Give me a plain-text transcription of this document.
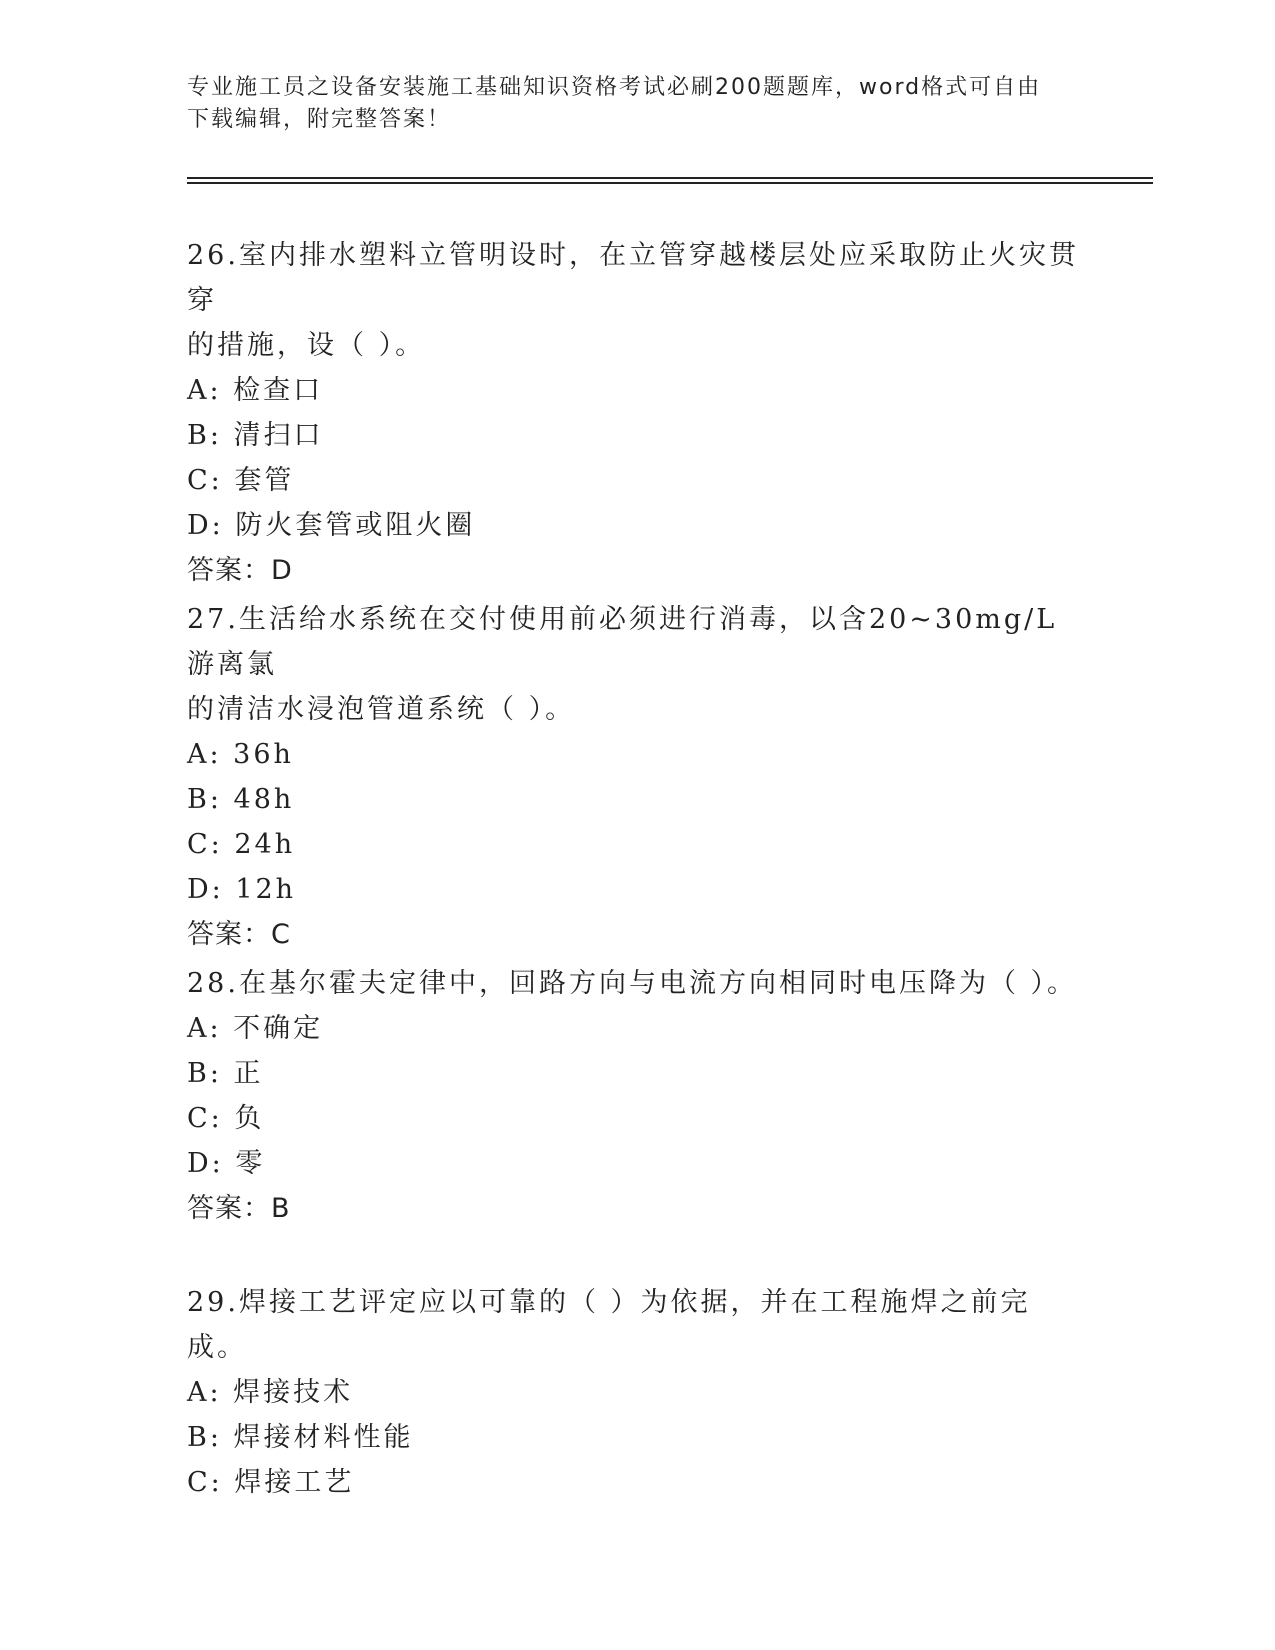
专业施工员之设备安装施工基础知识资格考试必刷200题题库，word格式可自由
下载编辑，附完整答案！

26.室内排水塑料立管明设时，在立管穿越楼层处应采取防止火灾贯穿

的措施，设（ ）。

A: 检查口

B: 清扫口

C: 套管

D: 防火套管或阻火圈

答案：D

27.生活给水系统在交付使用前必须进行消毒，以含20~30mg/L游离氯

的清洁水浸泡管道系统（ ）。

A: 36h

B: 48h

C: 24h

D: 12h

答案：C

28.在基尔霍夫定律中，回路方向与电流方向相同时电压降为（ ）。

A: 不确定

B: 正

C: 负

D: 零

答案：B

29.焊接工艺评定应以可靠的（ ）为依据，并在工程施焊之前完成。

A: 焊接技术

B: 焊接材料性能

C: 焊接工艺
